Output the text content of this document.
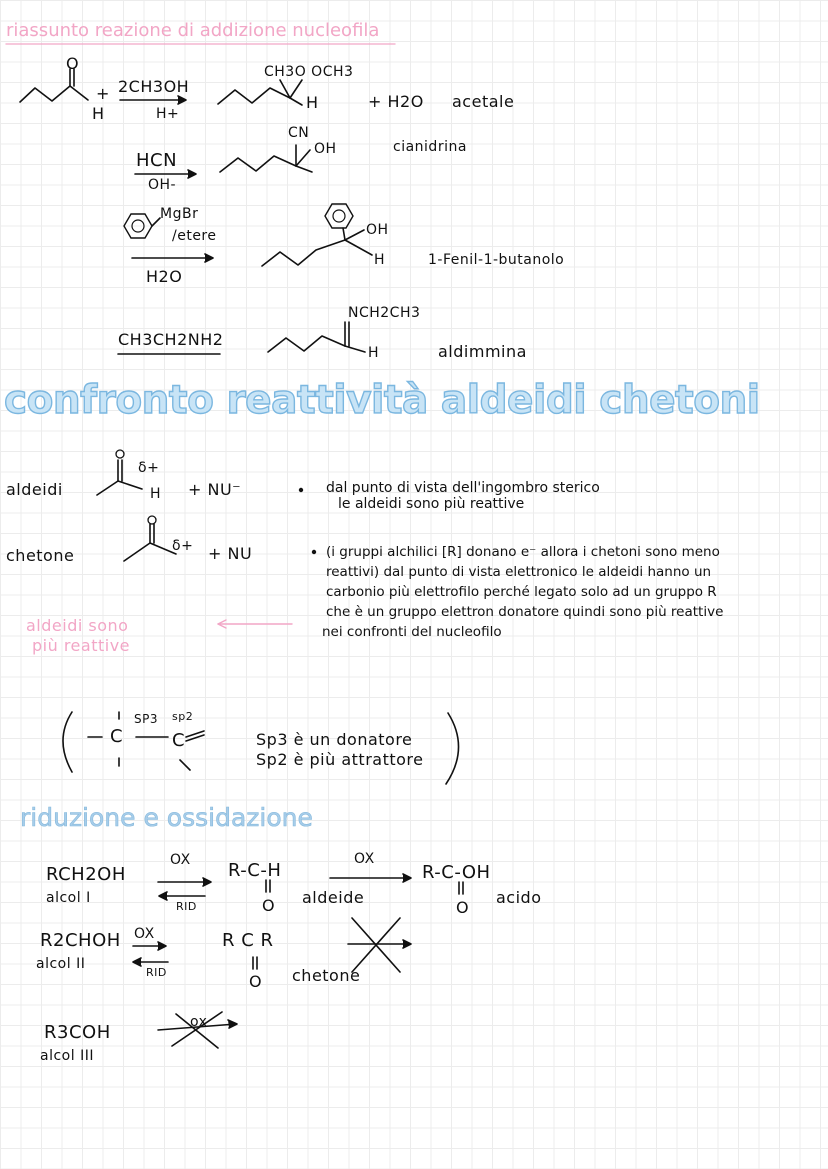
riassunto reazione di addizione nucleofila
H
+
O
2CH3OH
H+
CH3O OCH3
H	+ H2O acetale
CN
OH	cianidrina
HCN
OH-
MgBr
/etere
H2O
OH
H	1-Fenil-1-butanolo
NCH2CH3
H
CH3CH2NH2
aldimmina
confronto reattività aldeidi chetoni
aldeidi
δ+
H + NU⁻	dal punto di vista dell'ingombro sterico
le aldeidi sono più reattive
chetone	δ+ + NU	(i gruppi alchilici [R] donano e⁻ allora i chetoni sono meno
reattivi) dal punto di vista elettronico le aldeidi hanno un
carbonio più elettrofilo perché legato solo ad un gruppo R
che è un gruppo elettron donatore quindi sono più reattive
nei confronti del nucleofilo
aldeidi sono
più reattive
C
SP3 sp2
C	Sp3 è un donatore
Sp2 è più attrattore
riduzione e ossidazione
RCH2OH
alcol I
OX
RID
R-C-H
O aldeide
OX
R-C-OH
O
acido
R2CHOH
alcol II
OX
RID
R C R
O chetone
R3COH
alcol III
ox
